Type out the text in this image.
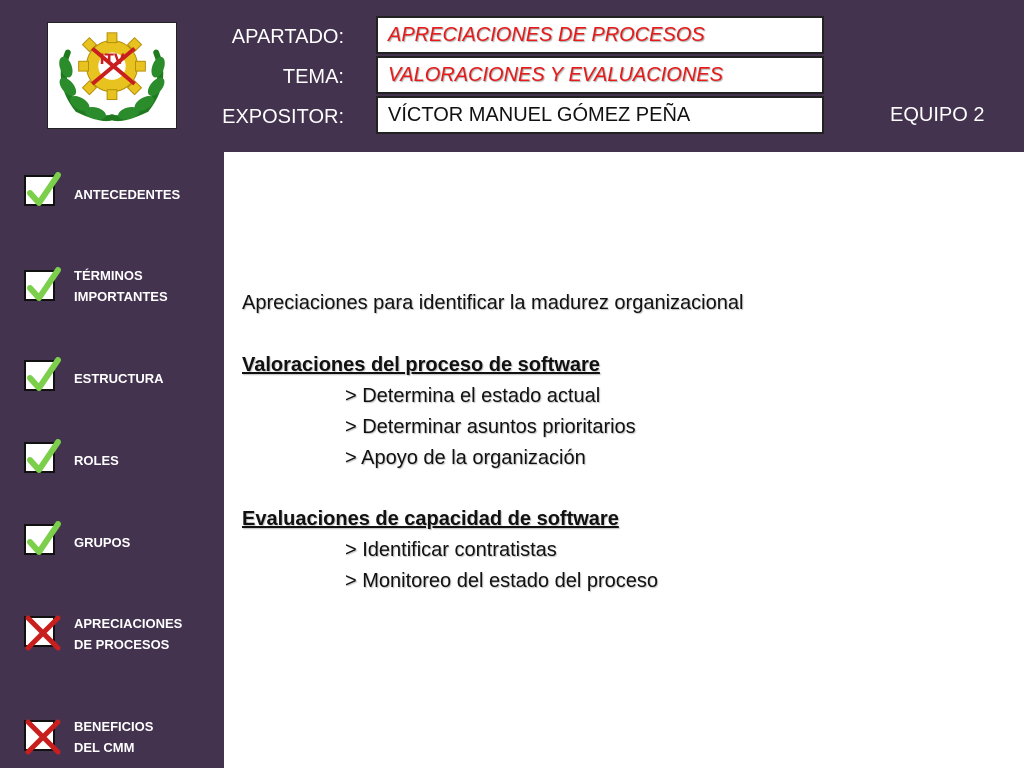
ITV
APARTADO:
TEMA:
EXPOSITOR:
APRECIACIONES DE PROCESOS
VALORACIONES Y EVALUACIONES
VÍCTOR MANUEL GÓMEZ PEÑA	EQUIPO 2
ANTECEDENTES
TÉRMINOS
IMPORTANTES
ESTRUCTURA
ROLES
GRUPOS
APRECIACIONES
DE PROCESOS
BENEFICIOS
DEL CMM
Apreciaciones para identificar la madurez organizacional
Valoraciones del proceso de software
> Determina el estado actual
> Determinar asuntos prioritarios
> Apoyo de la organización
Evaluaciones de capacidad de software
> Identificar contratistas
> Monitoreo del estado del proceso
